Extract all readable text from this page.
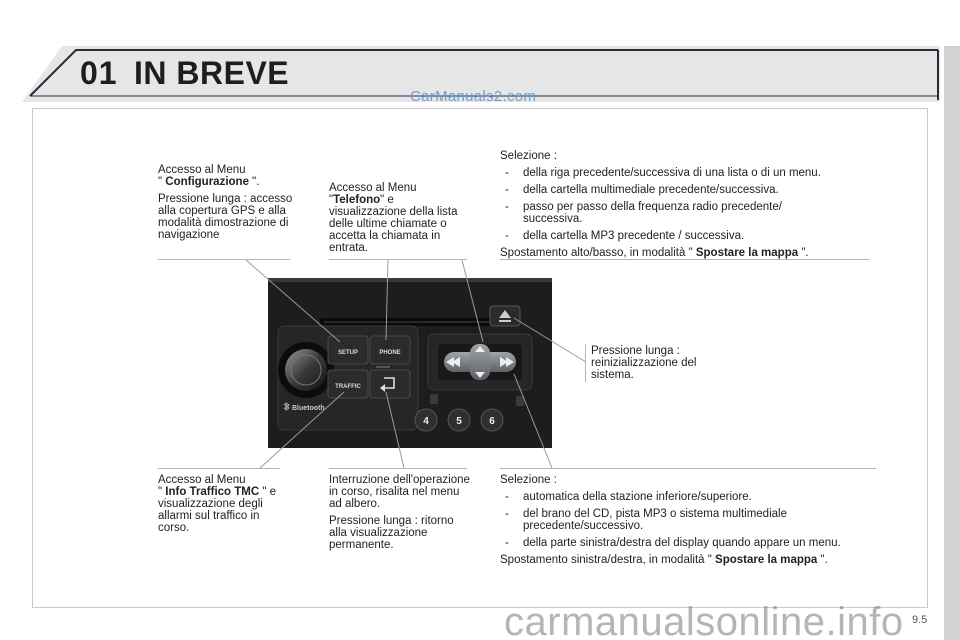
01 IN BREVE
CarManuals2.com

Accesso al Menu
" Configurazione ".

Pressione lunga : accesso alla copertura GPS e alla modalità dimostrazione di navigazione

Accesso al Menu
"Telefono" e visualizzazione della lista delle ultime chiamate o accetta la chiamata in entrata.

Selezione :

- della riga precedente/successiva di una lista o di un menu.
- della cartella multimediale precedente/successiva.
- passo per passo della frequenza radio precedente/ successiva.
- della cartella MP3 precedente / successiva.

Spostamento alto/basso, in modalità " Spostare la mappa ".

Pressione lunga : reinizializzazione del sistema.

Accesso al Menu
" Info Traffico TMC " e visualizzazione degli allarmi sul traffico in corso.

Interruzione dell'operazione in corso, risalita nel menu ad albero.

Pressione lunga : ritorno alla visualizzazione permanente.

Selezione :

- automatica della stazione inferiore/superiore.
- del brano del CD, pista MP3 o sistema multimediale precedente/successivo.
- della parte sinistra/destra del display quando appare un menu.

Spostamento sinistra/destra, in modalità " Spostare la mappa ".

SETUP	PHONE
TRAFFIC
Bluetooth
4	5	6
carmanualsonline.info 9.5
